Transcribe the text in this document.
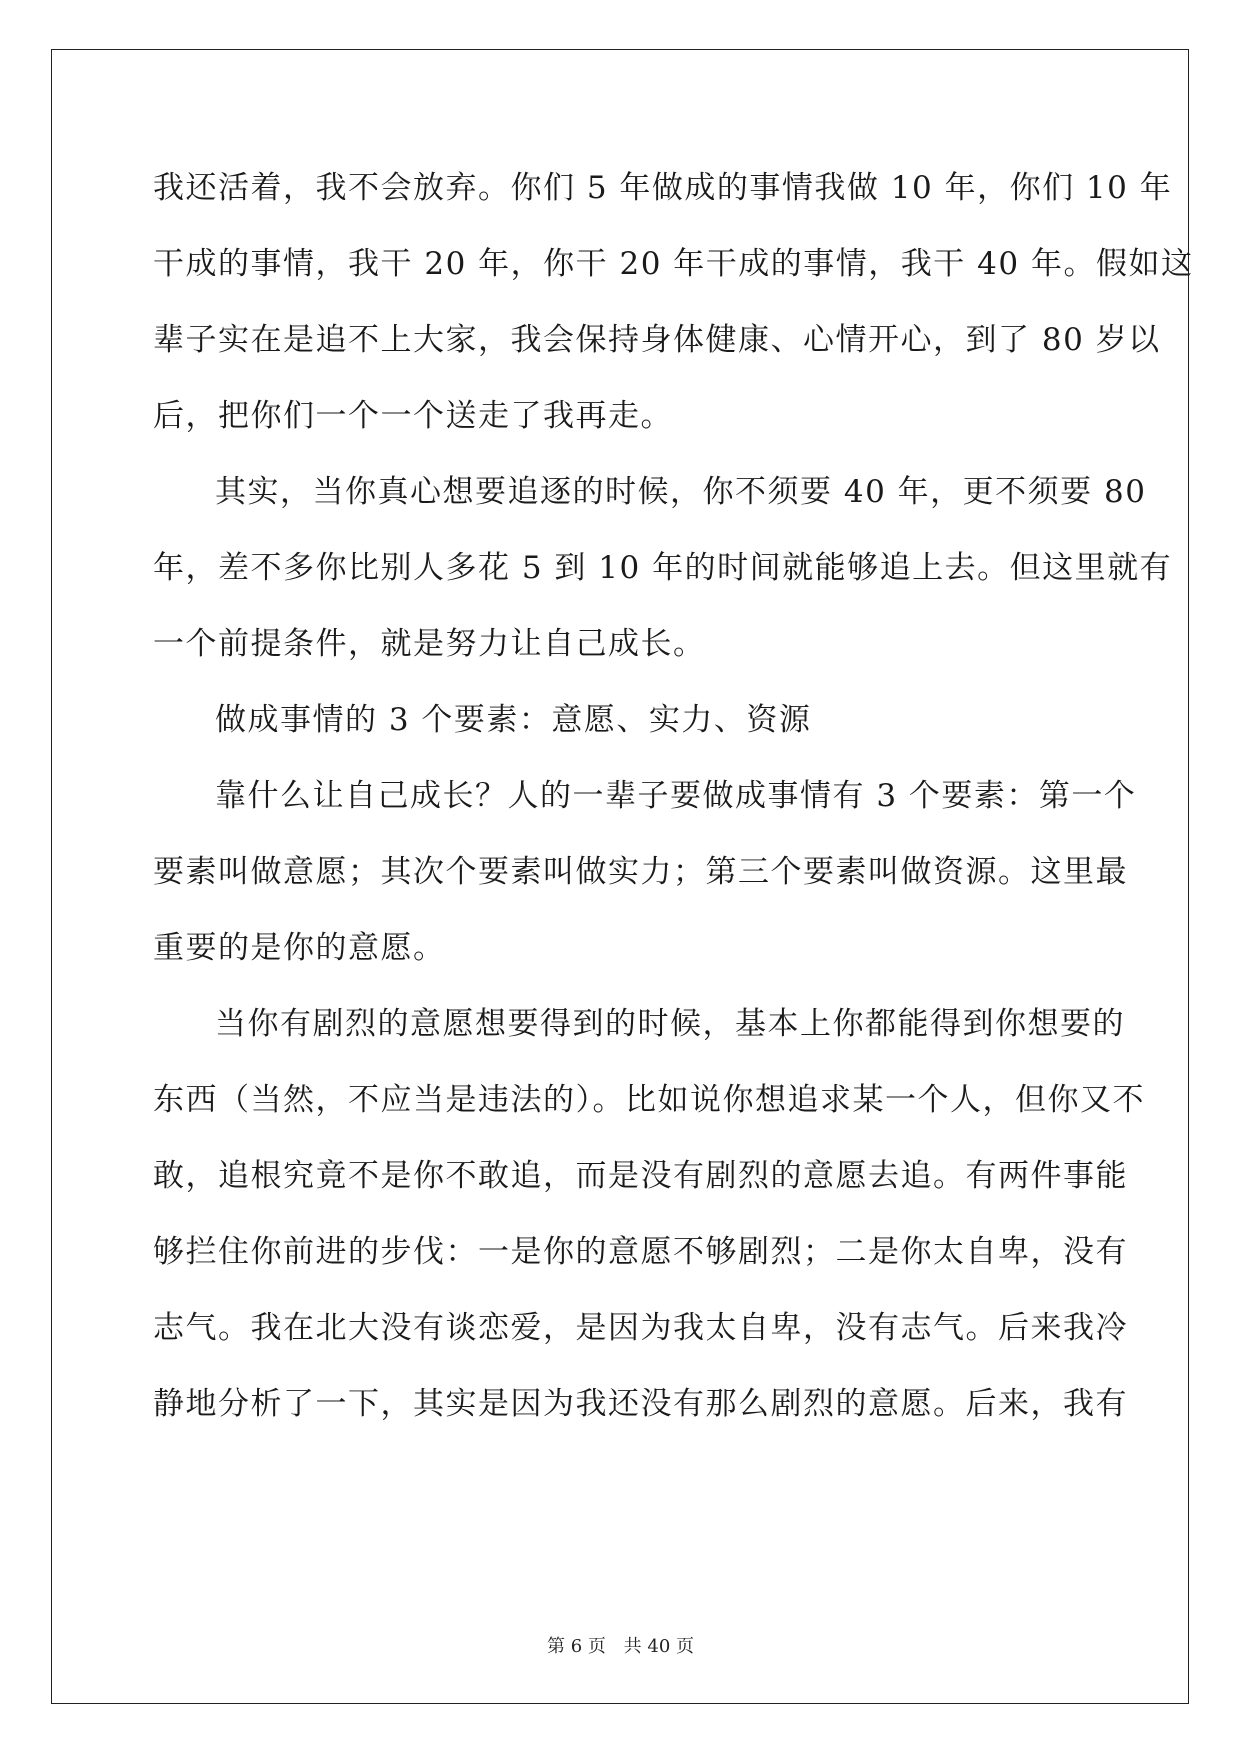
我还活着，我不会放弃。你们 5 年做成的事情我做 10 年，你们 10 年
干成的事情，我干 20 年，你干 20 年干成的事情，我干 40 年。假如这
辈子实在是追不上大家，我会保持身体健康、心情开心，到了 80 岁以
后，把你们一个一个送走了我再走。
其实，当你真心想要追逐的时候，你不须要 40 年，更不须要 80
年，差不多你比别人多花 5 到 10 年的时间就能够追上去。但这里就有
一个前提条件，就是努力让自己成长。
做成事情的 3 个要素：意愿、实力、资源
靠什么让自己成长？人的一辈子要做成事情有 3 个要素：第一个
要素叫做意愿；其次个要素叫做实力；第三个要素叫做资源。这里最
重要的是你的意愿。
当你有剧烈的意愿想要得到的时候，基本上你都能得到你想要的
东西（当然，不应当是违法的）。比如说你想追求某一个人，但你又不
敢，追根究竟不是你不敢追，而是没有剧烈的意愿去追。有两件事能
够拦住你前进的步伐：一是你的意愿不够剧烈；二是你太自卑，没有
志气。我在北大没有谈恋爱，是因为我太自卑，没有志气。后来我冷
静地分析了一下，其实是因为我还没有那么剧烈的意愿。后来，我有
第 6 页 共 40 页
